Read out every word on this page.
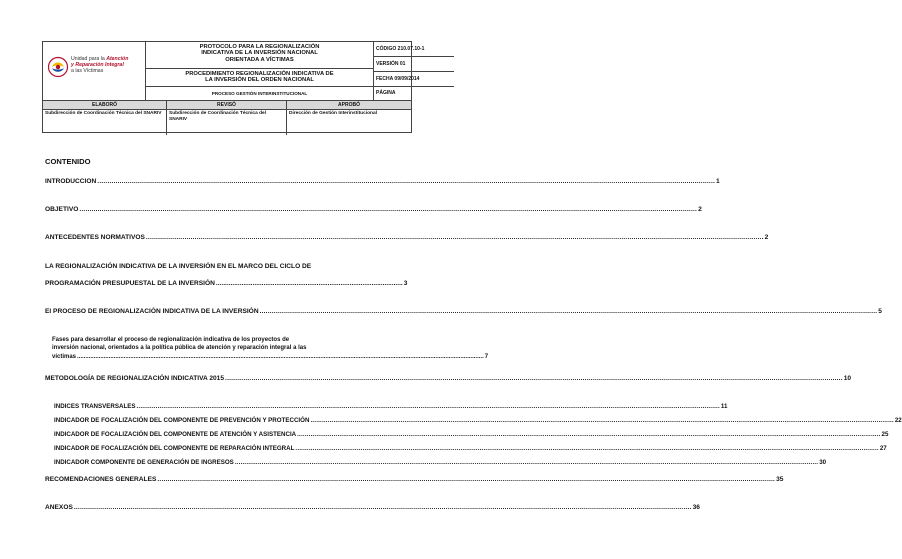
Unidad para la Atención
y Reparación Integral
a las Víctimas
PROTOCOLO PARA LA REGIONALIZACIÓN
INDICATIVA DE LA INVERSIÓN NACIONAL
ORIENTADA A VÍCTIMAS
PROCEDIMIENTO REGIONALIZACIÓN INDICATIVA DE
LA INVERSIÓN DEL ORDEN NACIONAL
PROCESO GESTIÓN INTERINSTITUCIONAL
CÓDIGO 210.07.10-1
VERSIÓN 01
FECHA 09/09/2014
PÁGINA
ELABORÓ
Subdirección de Coordinación Técnica del SNARIV
REVISÓ
Subdirección de Coordinación Técnica del SNARIV
APROBÓ
Dirección de Gestión Interinstitucional
CONTENIDO
INTRODUCCION .....	1
OBJETIVO .....	2
ANTECEDENTES NORMATIVOS .....	2
LA REGIONALIZACIÓN INDICATIVA DE LA INVERSIÓN EN EL MARCO DEL CICLO DE
PROGRAMACIÓN PRESUPUESTAL DE LA INVERSIÓN ...................................................................................................... 3
El PROCESO DE REGIONALIZACIÓN INDICATIVA DE LA INVERSIÓN .....	5
Fases para desarrollar el proceso de regionalización indicativa de los proyectos de
inversión nacional, orientados a la política pública de atención y reparación integral a las
víctimas .................................................................................................................................................................................................................................................... 7
METODOLOGÍA DE REGIONALIZACIÓN INDICATIVA 2015 .....	10
INDICES TRANSVERSALES .....	11
INDICADOR DE FOCALIZACIÓN DEL COMPONENTE DE PREVENCIÓN Y PROTECCIÓN .....	22
INDICADOR DE FOCALIZACIÓN DEL COMPONENTE DE ATENCIÓN Y ASISTENCIA .....	25
INDICADOR DE FOCALIZACIÓN DEL COMPONENTE DE REPARACIÓN INTEGRAL .....	27
INDICADOR COMPONENTE DE GENERACIÓN DE INGRESOS .....	30
RECOMENDACIONES GENERALES .....	35
ANEXOS .....	36
